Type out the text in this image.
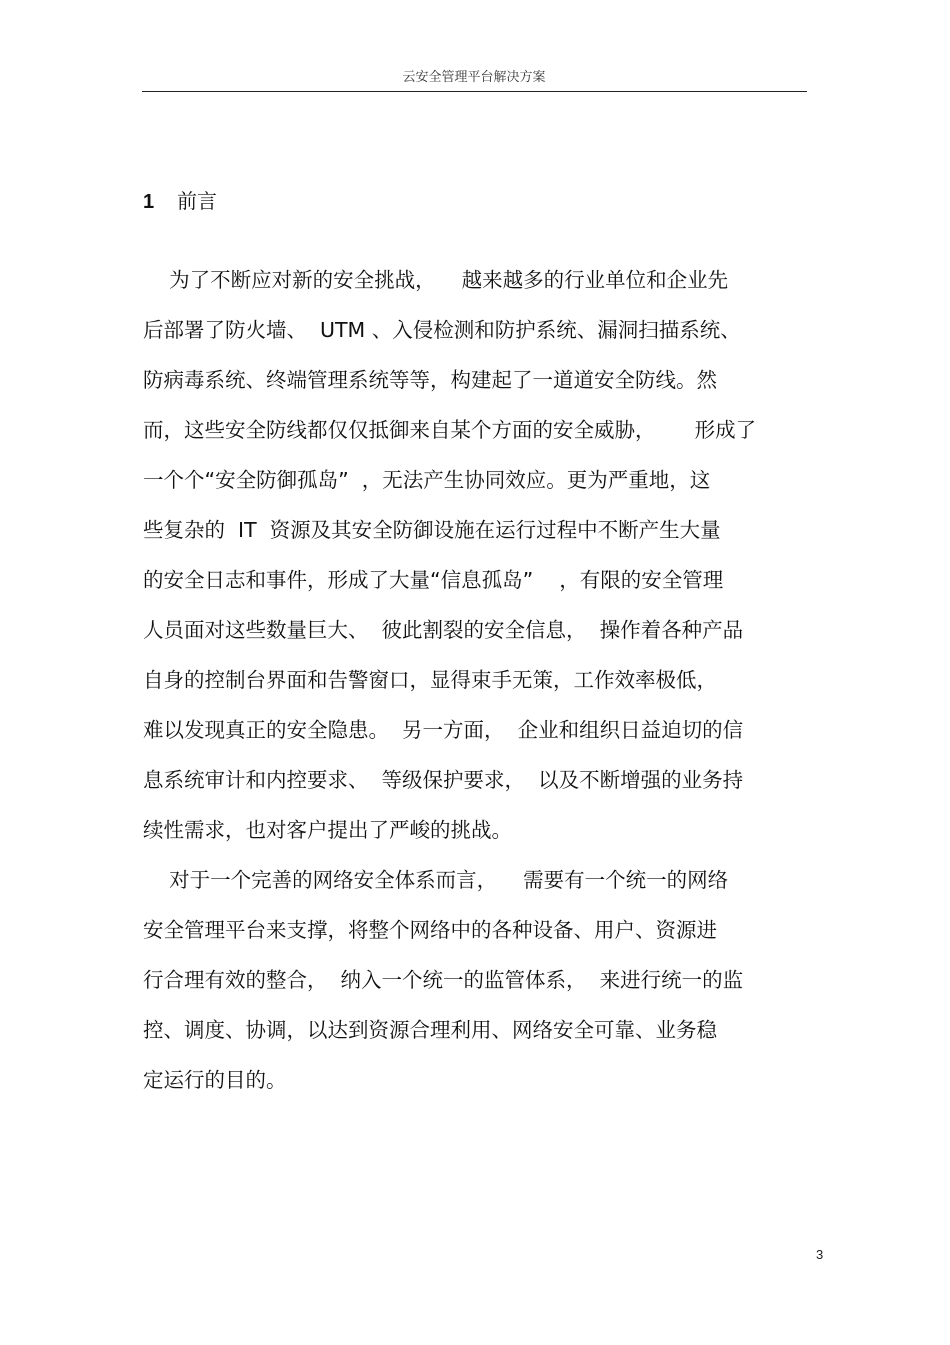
云安全管理平台解决方案
1 前言
为了不断应对新的安全挑战，    越来越多的行业单位和企业先
后部署了防火墙、  UTM 、入侵检测和防护系统、漏洞扫描系统、
防病毒系统、终端管理系统等等，构建起了一道道安全防线。然
而，这些安全防线都仅仅抵御来自某个方面的安全威胁，      形成了
一个个“安全防御孤岛”  ，无法产生协同效应。更为严重地，这
些复杂的  IT  资源及其安全防御设施在运行过程中不断产生大量
的安全日志和事件，形成了大量“信息孤岛”    ，有限的安全管理
人员面对这些数量巨大、  彼此割裂的安全信息，  操作着各种产品
自身的控制台界面和告警窗口，显得束手无策，工作效率极低，
难以发现真正的安全隐患。  另一方面，  企业和组织日益迫切的信
息系统审计和内控要求、  等级保护要求，  以及不断增强的业务持
续性需求，也对客户提出了严峻的挑战。
对于一个完善的网络安全体系而言，    需要有一个统一的网络
安全管理平台来支撑，将整个网络中的各种设备、用户、资源进
行合理有效的整合，  纳入一个统一的监管体系，  来进行统一的监
控、调度、协调，以达到资源合理利用、网络安全可靠、业务稳
定运行的目的。
3
